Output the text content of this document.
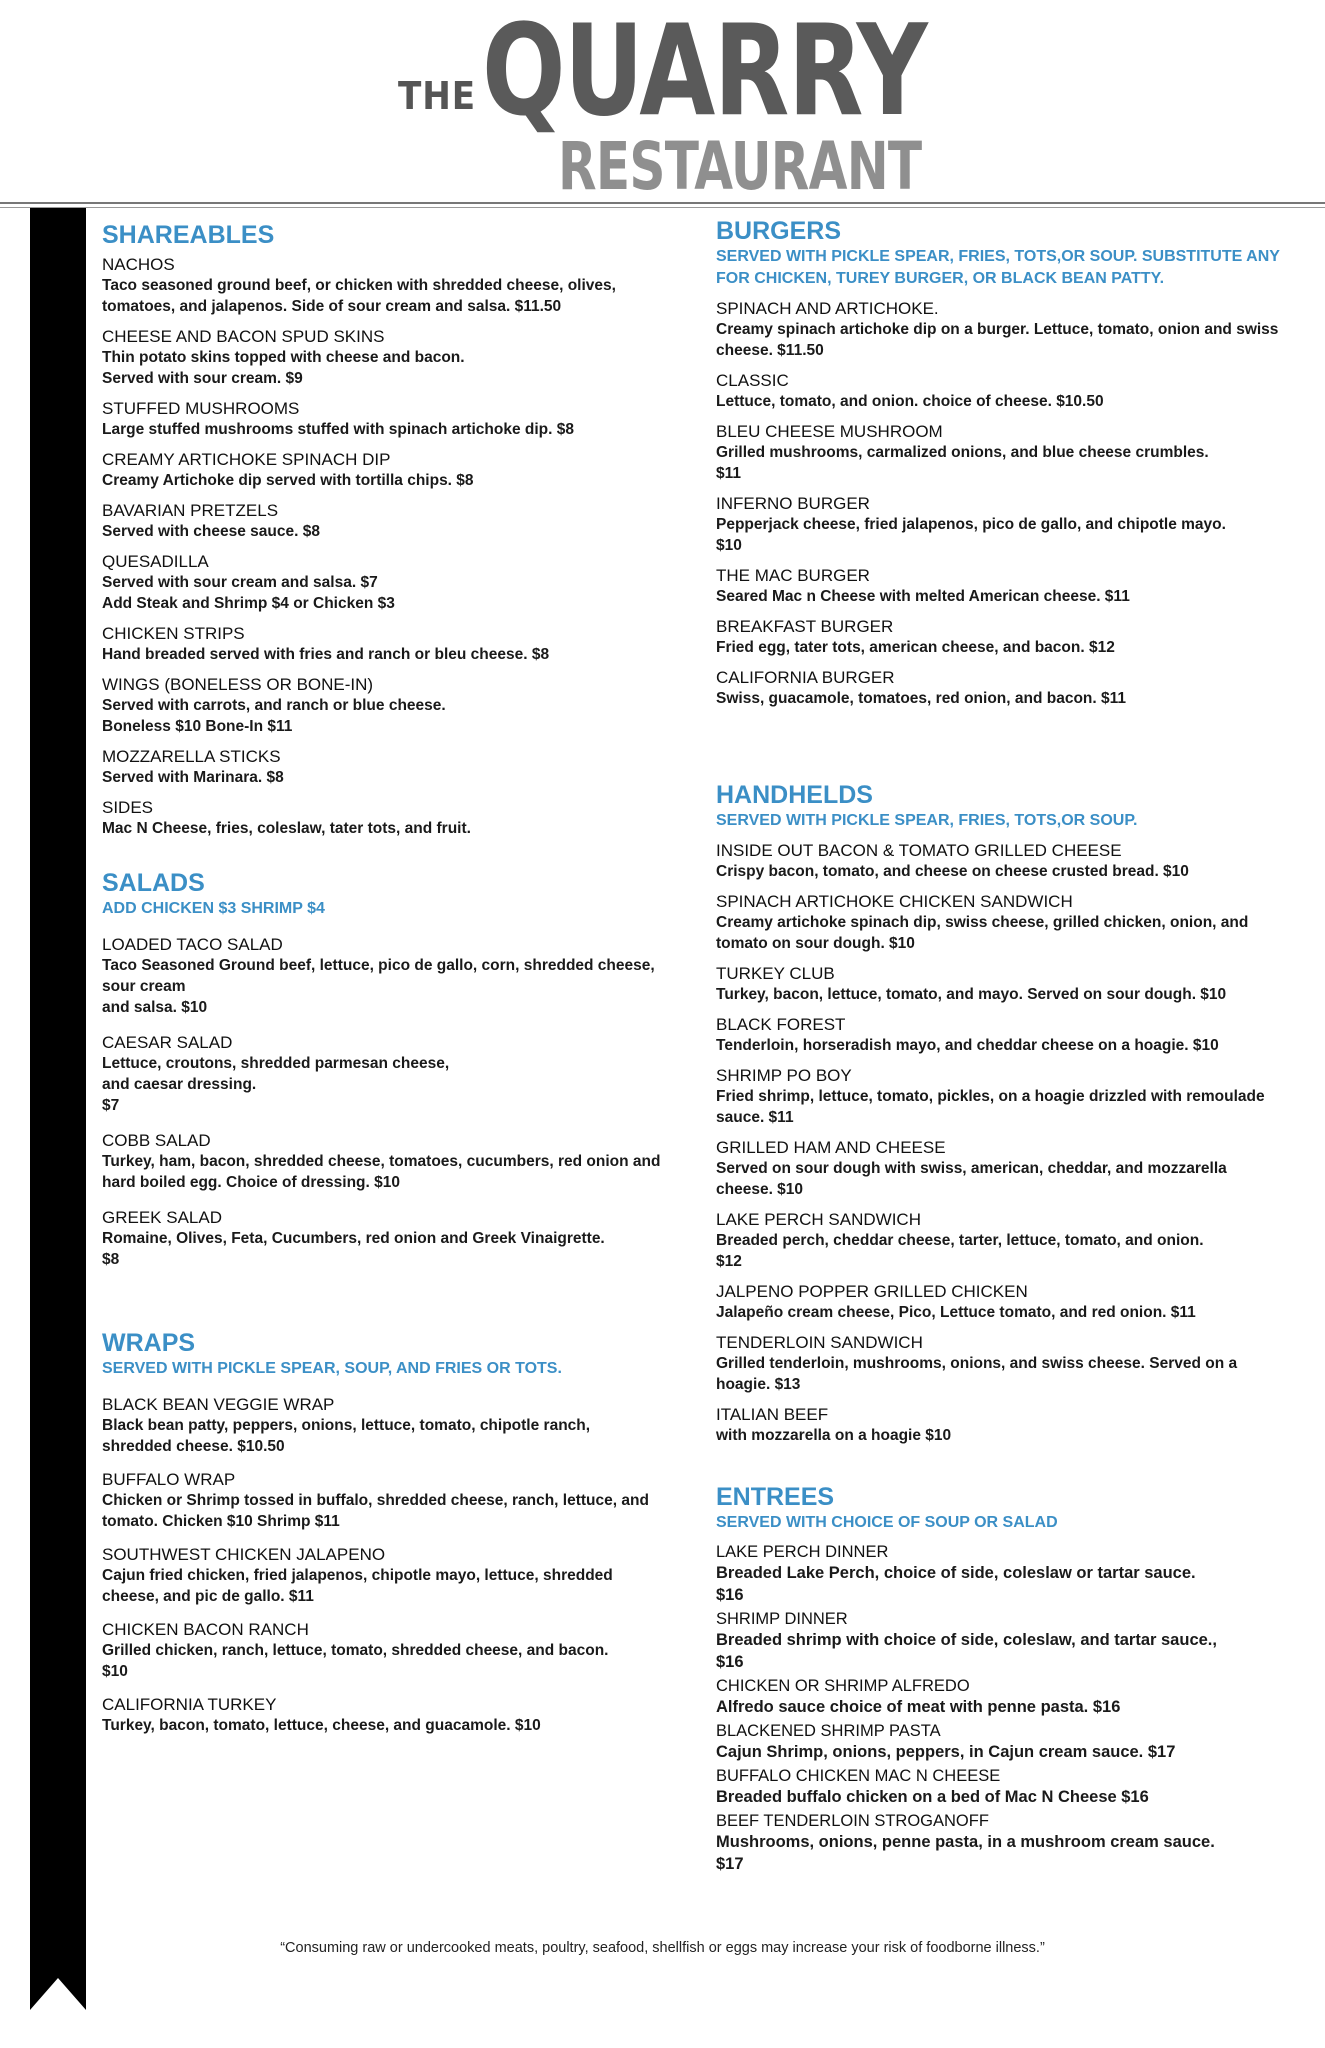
THE QUARRY
RESTAURANT
SHAREABLES
NACHOS
Taco seasoned ground beef, or chicken with shredded cheese, olives, tomatoes, and jalapenos. Side of sour cream and salsa. $11.50
CHEESE AND BACON SPUD SKINS
Thin potato skins topped with cheese and bacon.
Served with sour cream. $9
STUFFED MUSHROOMS
Large stuffed mushrooms stuffed with spinach artichoke dip. $8
CREAMY ARTICHOKE SPINACH DIP
Creamy Artichoke dip served with tortilla chips. $8
BAVARIAN PRETZELS
Served with cheese sauce. $8
QUESADILLA
Served with sour cream and salsa. $7
Add Steak and Shrimp $4 or Chicken $3
CHICKEN STRIPS
Hand breaded served with fries and ranch or bleu cheese. $8
WINGS (BONELESS OR BONE-IN)
Served with carrots, and ranch or blue cheese.
Boneless $10 Bone-In $11
MOZZARELLA STICKS
Served with Marinara. $8
SIDES
Mac N Cheese, fries, coleslaw, tater tots, and fruit.
SALADS

ADD CHICKEN $3 SHRIMP $4

LOADED TACO SALAD
Taco Seasoned Ground beef, lettuce, pico de gallo, corn, shredded cheese, sour cream
and salsa. $10
CAESAR SALAD
Lettuce, croutons, shredded parmesan cheese,
and caesar dressing.
$7
COBB SALAD
Turkey, ham, bacon, shredded cheese, tomatoes, cucumbers, red onion and hard boiled egg. Choice of dressing. $10
GREEK SALAD
Romaine, Olives, Feta, Cucumbers, red onion and Greek Vinaigrette.
$8
WRAPS

SERVED WITH PICKLE SPEAR, SOUP, AND FRIES OR TOTS.

BLACK BEAN VEGGIE WRAP
Black bean patty, peppers, onions, lettuce, tomato, chipotle ranch, shredded cheese. $10.50
BUFFALO WRAP
Chicken or Shrimp tossed in buffalo, shredded cheese, ranch, lettuce, and tomato. Chicken $10 Shrimp $11
SOUTHWEST CHICKEN JALAPENO
Cajun fried chicken, fried jalapenos, chipotle mayo, lettuce, shredded cheese, and pic de gallo. $11
CHICKEN BACON RANCH
Grilled chicken, ranch, lettuce, tomato, shredded cheese, and bacon.
$10
CALIFORNIA TURKEY
Turkey, bacon, tomato, lettuce, cheese, and guacamole. $10
BURGERS

SERVED WITH PICKLE SPEAR, FRIES, TOTS,OR SOUP. SUBSTITUTE ANY FOR CHICKEN, TUREY BURGER, OR BLACK BEAN PATTY.

SPINACH AND ARTICHOKE.
Creamy spinach artichoke dip on a burger. Lettuce, tomato, onion and swiss cheese. $11.50
CLASSIC
Lettuce, tomato, and onion. choice of cheese. $10.50
BLEU CHEESE MUSHROOM
Grilled mushrooms, carmalized onions, and blue cheese crumbles.
$11
INFERNO BURGER
Pepperjack cheese, fried jalapenos, pico de gallo, and chipotle mayo.
$10
THE MAC BURGER
Seared Mac n Cheese with melted American cheese. $11
BREAKFAST BURGER
Fried egg, tater tots, american cheese, and bacon. $12
CALIFORNIA BURGER
Swiss, guacamole, tomatoes, red onion, and bacon. $11
HANDHELDS

SERVED WITH PICKLE SPEAR, FRIES, TOTS,OR SOUP.

INSIDE OUT BACON & TOMATO GRILLED CHEESE
Crispy bacon, tomato, and cheese on cheese crusted bread. $10
SPINACH ARTICHOKE CHICKEN SANDWICH
Creamy artichoke spinach dip, swiss cheese, grilled chicken, onion, and tomato on sour dough. $10
TURKEY CLUB
Turkey, bacon, lettuce, tomato, and mayo. Served on sour dough. $10
BLACK FOREST
Tenderloin, horseradish mayo, and cheddar cheese on a hoagie. $10
SHRIMP PO BOY
Fried shrimp, lettuce, tomato, pickles, on a hoagie drizzled with remoulade sauce. $11
GRILLED HAM AND CHEESE
Served on sour dough with swiss, american, cheddar, and mozzarella cheese. $10
LAKE PERCH SANDWICH
Breaded perch, cheddar cheese, tarter, lettuce, tomato, and onion.
$12
JALPENO POPPER GRILLED CHICKEN
Jalapeño cream cheese, Pico, Lettuce tomato, and red onion. $11
TENDERLOIN SANDWICH
Grilled tenderloin, mushrooms, onions, and swiss cheese. Served on a hoagie. $13
ITALIAN BEEF
with mozzarella on a hoagie $10
ENTREES

SERVED WITH CHOICE OF SOUP OR SALAD

LAKE PERCH DINNER
Breaded Lake Perch, choice of side, coleslaw or tartar sauce.
$16
SHRIMP DINNER
Breaded shrimp with choice of side, coleslaw, and tartar sauce.,
$16
CHICKEN OR SHRIMP ALFREDO
Alfredo sauce choice of meat with penne pasta. $16
BLACKENED SHRIMP PASTA
Cajun Shrimp, onions, peppers, in Cajun cream sauce. $17
BUFFALO CHICKEN MAC N CHEESE
Breaded buffalo chicken on a bed of Mac N Cheese $16
BEEF TENDERLOIN STROGANOFF
Mushrooms, onions, penne pasta, in a mushroom cream sauce.
$17
“Consuming raw or undercooked meats, poultry, seafood, shellfish or eggs may increase your risk of foodborne illness.”
